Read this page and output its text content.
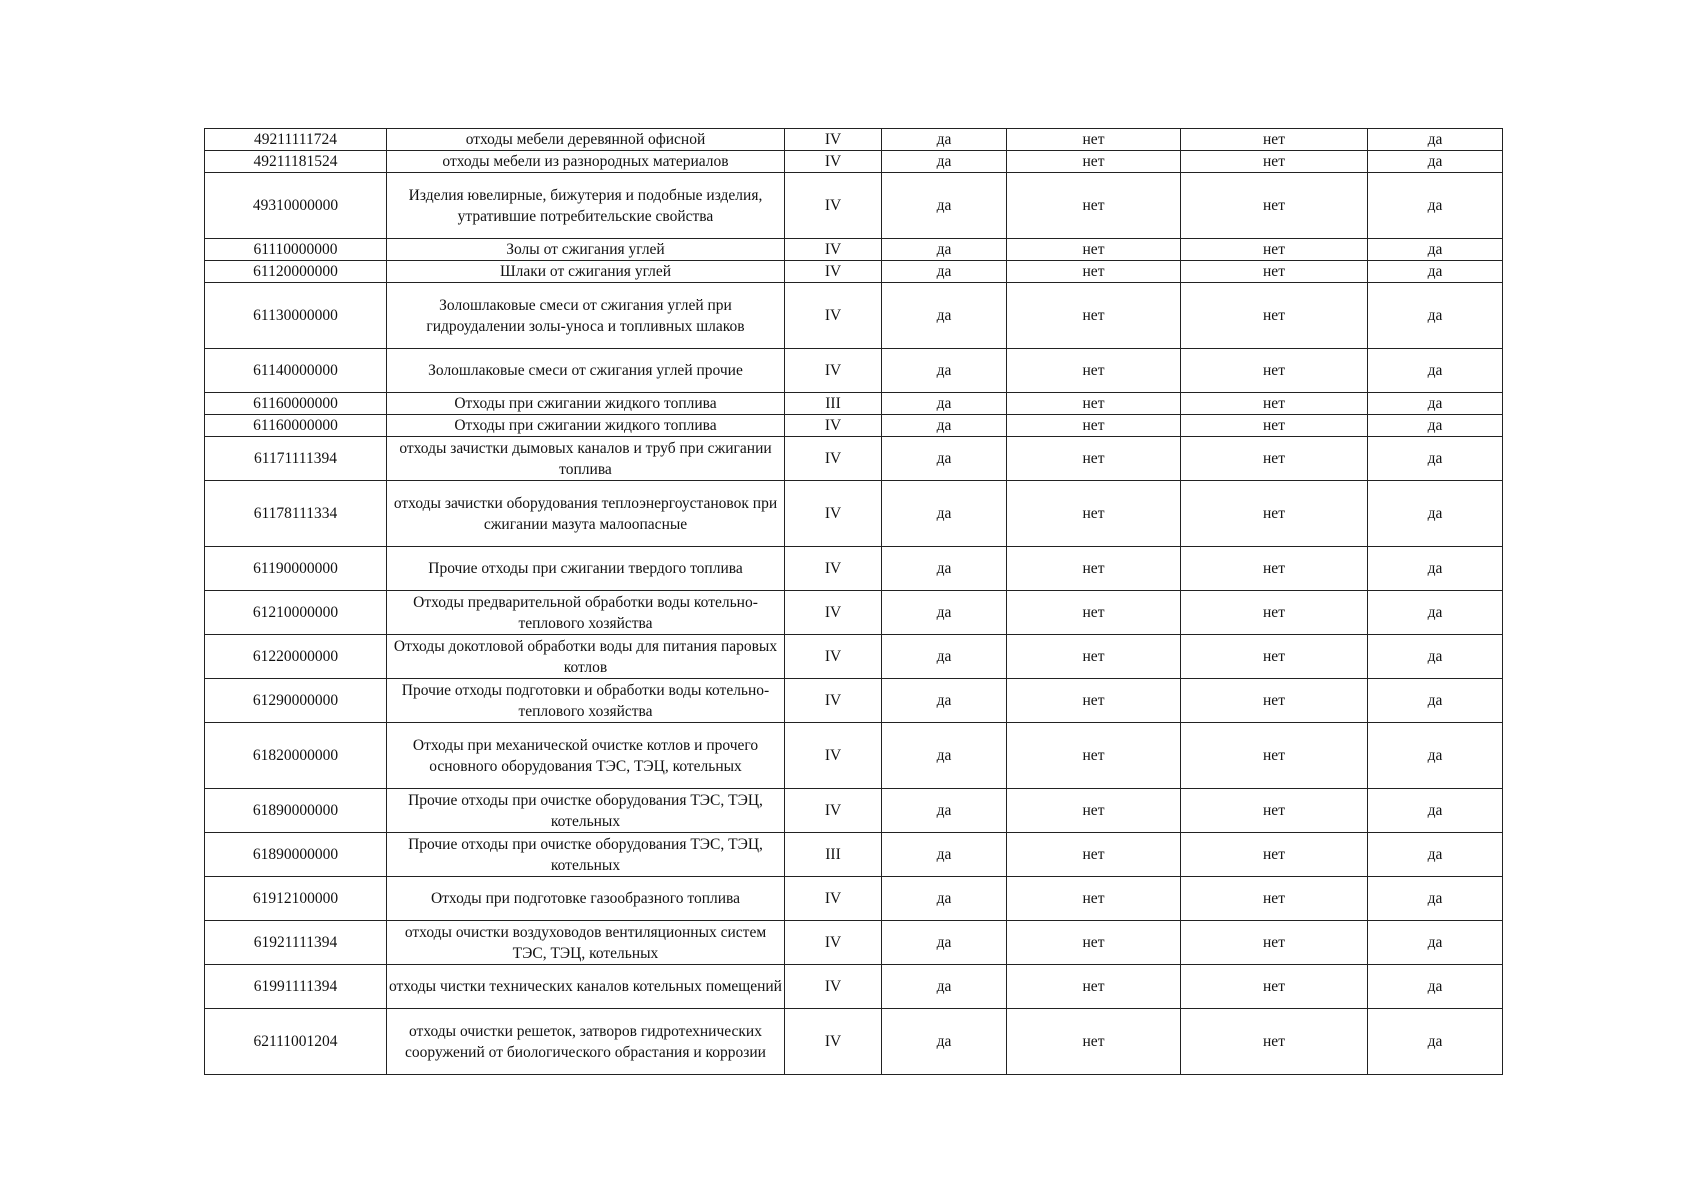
49211111724	отходы мебели деревянной офисной	IV	да	нет	нет	да
49211181524	отходы мебели из разнородных материалов	IV	да	нет	нет	да
49310000000	Изделия ювелирные, бижутерия и подобные изделия, утратившие потребительские свойства	IV	да	нет	нет	да
61110000000	Золы от сжигания углей	IV	да	нет	нет	да
61120000000	Шлаки от сжигания углей	IV	да	нет	нет	да
61130000000	Золошлаковые смеси от сжигания углей при гидроудалении золы-уноса и топливных шлаков	IV	да	нет	нет	да
61140000000	Золошлаковые смеси от сжигания углей прочие	IV	да	нет	нет	да
61160000000	Отходы при сжигании жидкого топлива	III	да	нет	нет	да
61160000000	Отходы при сжигании жидкого топлива	IV	да	нет	нет	да
61171111394	отходы зачистки дымовых каналов и труб при сжигании топлива	IV	да	нет	нет	да
61178111334	отходы зачистки оборудования теплоэнергоустановок при сжигании мазута малоопасные	IV	да	нет	нет	да
61190000000	Прочие отходы при сжигании твердого топлива	IV	да	нет	нет	да
61210000000	Отходы предварительной обработки воды котельно-теплового хозяйства	IV	да	нет	нет	да
61220000000	Отходы докотловой обработки воды для питания паровых котлов	IV	да	нет	нет	да
61290000000	Прочие отходы подготовки и обработки воды котельно-теплового хозяйства	IV	да	нет	нет	да
61820000000	Отходы при механической очистке котлов и прочего основного оборудования ТЭС, ТЭЦ, котельных	IV	да	нет	нет	да
61890000000	Прочие отходы при очистке оборудования ТЭС, ТЭЦ, котельных	IV	да	нет	нет	да
61890000000	Прочие отходы при очистке оборудования ТЭС, ТЭЦ, котельных	III	да	нет	нет	да
61912100000	Отходы при подготовке газообразного топлива	IV	да	нет	нет	да
61921111394	отходы очистки воздуховодов вентиляционных систем ТЭС, ТЭЦ, котельных	IV	да	нет	нет	да
61991111394	отходы чистки технических каналов котельных помещений	IV	да	нет	нет	да
62111001204	отходы очистки решеток, затворов гидротехнических сооружений от биологического обрастания и коррозии	IV	да	нет	нет	да
